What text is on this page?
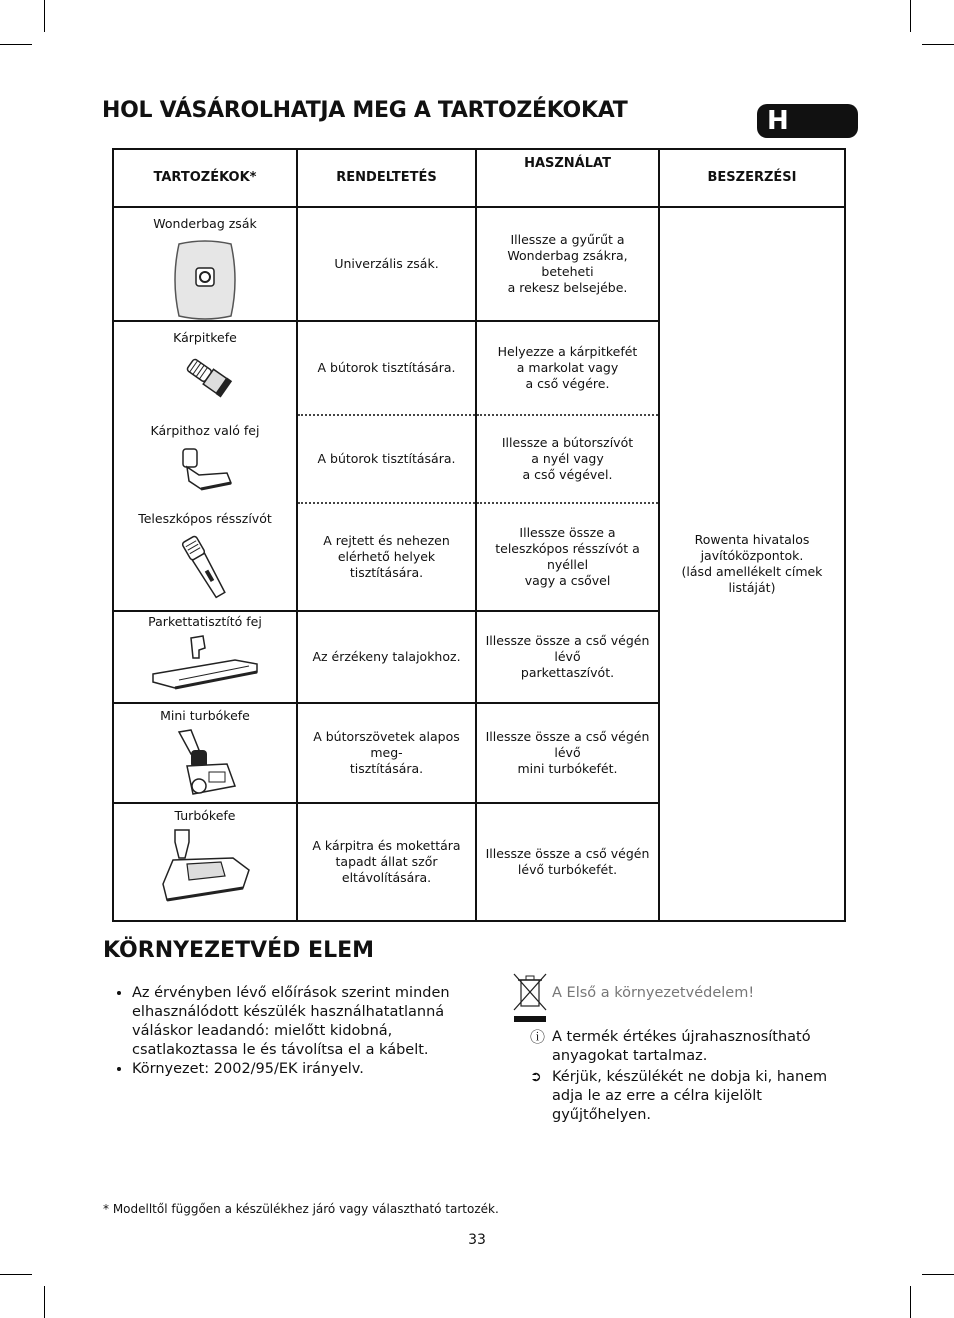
HOL VÁSÁROLHATJA MEG A TARTOZÉKOKAT	H
TARTOZÉKOK*	RENDELTETÉS	HASZNÁLAT	BESZERZÉSI

Wonderbag zsák	Univerzális zsák.	Illessze a gyűrűt a
Wonderbag zsákra,
beteheti
a rekesz belsejébe.	Rowenta hivatalos
javítóközpontok.
(lásd amellékelt címek listáját)

Kárpitkefe	A bútorok tisztítására.	Helyezze a kárpitkefét
a markolat vagy
a cső végére.	

Kárpithoz való fej	A bútorok tisztítására.	Illessze a bútorszívót
a nyél vagy
a cső végével.	

Teleszkópos résszívót	A rejtett és nehezen
elérhető helyek
tisztítására.	Illessze össze a
teleszkópos résszívót a nyéllel
vagy a csővel	

Parkettatisztító fej	Az érzékeny talajokhoz.	Illessze össze a cső végén lévő
parkettaszívót.	

Mini turbókefe	A bútorszövetek alapos meg-
tisztítására.	Illessze össze a cső végén lévő
mini turbókefét.	

Turbókefe	A kárpitra és mokettára
tapadt állat szőr
eltávolítására.	Illessze össze a cső végén
lévő turbókefét.	
KÖRNYEZETVÉD ELEM
• Az érvényben lévő előírások szerint minden elhasználódott készülék használhatatlanná váláskor leadandó: mielőtt kidobná, csatlakoztassa le és távolítsa el a kábelt.
• Környezet: 2002/95/EK irányelv.
A Első a környezetvédelem!
ⓘ A termék értékes újrahasznosítható anyagokat tartalmaz.
➲ Kérjük, készülékét ne dobja ki, hanem adja le az erre a célra kijelölt gyűjtőhelyen.
* Modelltől függően a készülékhez járó vagy választható tartozék.
33
